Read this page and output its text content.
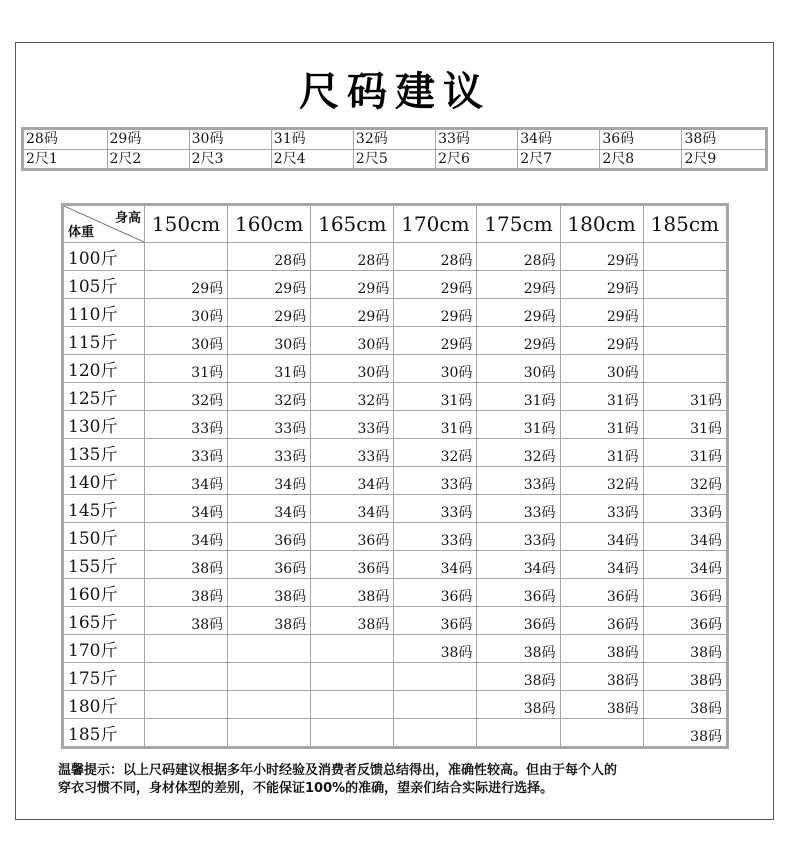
尺码建议
28码	29码	30码	31码	32码	33码	34码	36码	38码
2尺1	2尺2	2尺3	2尺4	2尺5	2尺6	2尺7	2尺8	2尺9
身高
体重	150cm	160cm	165cm	170cm	175cm	180cm	185cm
100斤		28码	28码	28码	28码	29码	
105斤	29码	29码	29码	29码	29码	29码	
110斤	30码	29码	29码	29码	29码	29码	
115斤	30码	30码	30码	29码	29码	29码	
120斤	31码	31码	30码	30码	30码	30码	
125斤	32码	32码	32码	31码	31码	31码	31码
130斤	33码	33码	33码	31码	31码	31码	31码
135斤	33码	33码	33码	32码	32码	31码	31码
140斤	34码	34码	34码	33码	33码	32码	32码
145斤	34码	34码	34码	33码	33码	33码	33码
150斤	34码	36码	36码	33码	33码	34码	34码
155斤	38码	36码	36码	34码	34码	34码	34码
160斤	38码	38码	38码	36码	36码	36码	36码
165斤	38码	38码	38码	36码	36码	36码	36码
170斤				38码	38码	38码	38码
175斤					38码	38码	38码
180斤					38码	38码	38码
185斤							38码
温馨提示：以上尺码建议根据多年小时经验及消费者反馈总结得出，准确性较高。但由于每个人的
穿衣习惯不同，身材体型的差别，不能保证100%的准确，望亲们结合实际进行选择。
